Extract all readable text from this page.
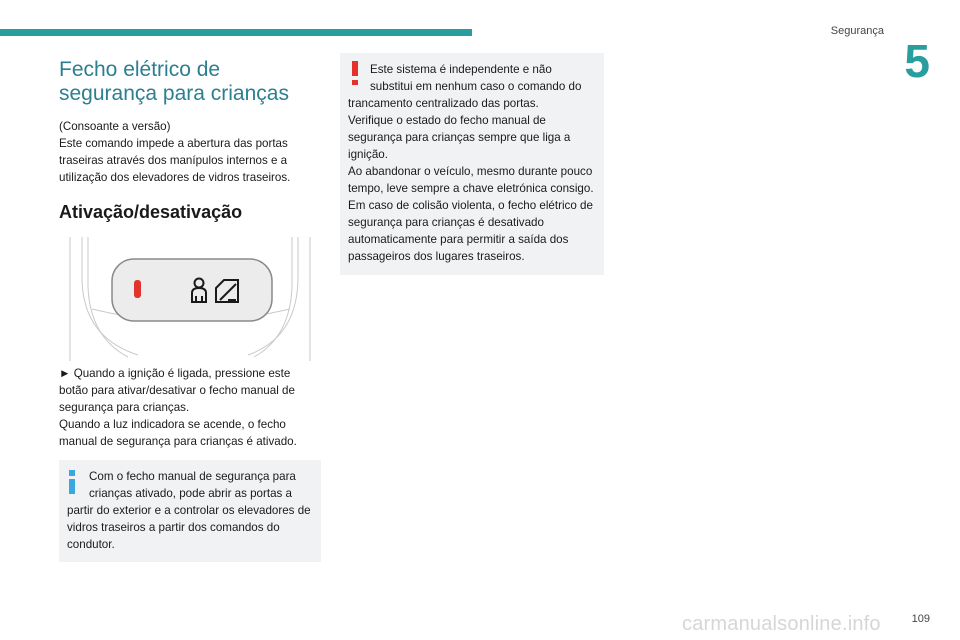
Segurança
5
Fecho elétrico de segurança para crianças

(Consoante a versão)

Este comando impede a abertura das portas traseiras através dos manípulos internos e a utilização dos elevadores de vidros traseiros.

Ativação/desativação

► Quando a ignição é ligada, pressione este botão para ativar/desativar o fecho manual de segurança para crianças.

Quando a luz indicadora se acende, o fecho manual de segurança para crianças é ativado.

Com o fecho manual de segurança para crianças ativado, pode abrir as portas a

partir do exterior e a controlar os elevadores de vidros traseiros a partir dos comandos do condutor.

Este sistema é independente e não substitui em nenhum caso o comando do

trancamento centralizado das portas.

Verifique o estado do fecho manual de segurança para crianças sempre que liga a ignição.

Ao abandonar o veículo, mesmo durante pouco tempo, leve sempre a chave eletrónica consigo.

Em caso de colisão violenta, o fecho elétrico de segurança para crianças é desativado automaticamente para permitir a saída dos passageiros dos lugares traseiros.

carmanualsonline.info	109
